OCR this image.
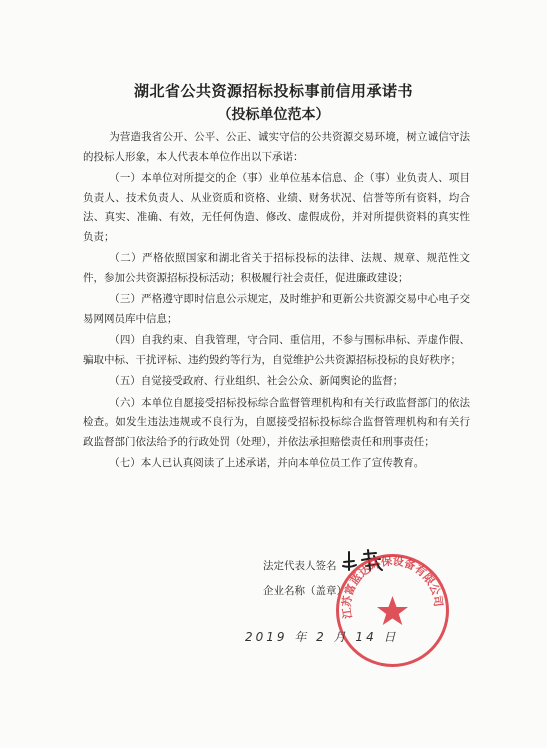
湖北省公共资源招标投标事前信用承诺书
（投标单位范本）

为营造我省公开、公平、公正、诚实守信的公共资源交易环境，树立诚信守法的投标人形象，本人代表本单位作出以下承诺：

（一）本单位对所提交的企（事）业单位基本信息、企（事）业负责人、项目负责人、技术负责人、从业资质和资格、业绩、财务状况、信誉等所有资料，均合法、真实、准确、有效，无任何伪造、修改、虚假成份，并对所提供资料的真实性负责；

（二）严格依照国家和湖北省关于招标投标的法律、法规、规章、规范性文件，参加公共资源招标投标活动；积极履行社会责任，促进廉政建设；

（三）严格遵守即时信息公示规定，及时维护和更新公共资源交易中心电子交易网网员库中信息；

（四）自我约束、自我管理，守合同、重信用，不参与围标串标、弄虚作假、骗取中标、干扰评标、违约毁约等行为，自觉维护公共资源招标投标的良好秩序；

（五）自觉接受政府、行业组织、社会公众、新闻舆论的监督；

（六）本单位自愿接受招标投标综合监督管理机构和有关行政监督部门的依法检查。如发生违法违规或不良行为，自愿接受招标投标综合监督管理机构和有关行政监督部门依法给予的行政处罚（处理），并依法承担赔偿责任和刑事责任；

（七）本人已认真阅读了上述承诺，并向本单位员工作了宣传教育。

法定代表人签名
企业名称（盖章）
江苏富蓝达环保设备有限公司
2019 年 2 月 14 日
